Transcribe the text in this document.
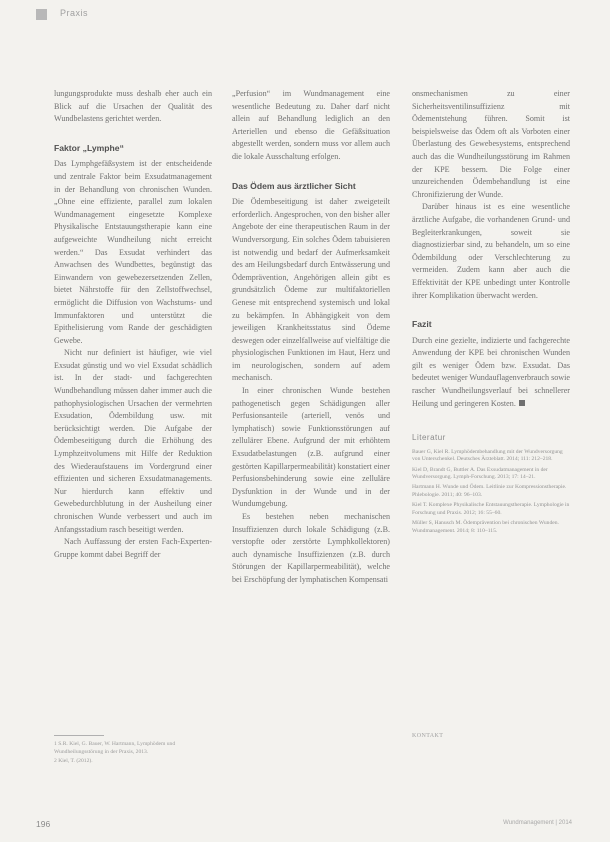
Praxis

lungungsprodukte muss deshalb eher auch ein Blick auf die Ursachen der Qualität des Wundbelastens gerichtet werden.

Faktor „Lymphe“

Das Lymphgefäßsystem ist der entscheidende und zentrale Faktor beim Exsudatmanagement in der Behandlung von chronischen Wunden. „Ohne eine effiziente, parallel zum lokalen Wundmanagement eingesetzte Komplexe Physikalische Entstauungstherapie kann eine aufgeweichte Wundheilung nicht erreicht werden.“ Das Exsudat verhindert das Anwachsen des Wundbettes, begünstigt das Einwandern von gewebezersetzenden Zellen, bietet Nährstoffe für den Zellstoffwechsel, ermöglicht die Diffusion von Wachstums- und Immunfaktoren und unterstützt die Epithelisierung vom Rande der geschädigten Gewebe.

Nicht nur definiert ist häufiger, wie viel Exsudat günstig und wo viel Exsudat schädlich ist. In der stadt- und fachgerechten Wundbehandlung müssen daher immer auch die pathophysiologischen Ursachen der vermehrten Exsudation, Ödembildung usw. mit berücksichtigt werden. Die Aufgabe der Ödembeseitigung durch die Erhöhung des Lymphzeitvolumens mit Hilfe der Reduktion des Wiederaufstauens im Vordergrund einer effizienten und sicheren Exsudatmanagements. Nur hierdurch kann effektiv und Gewebedurchblutung in der Ausheilung einer chronischen Wunde verbessert und auch im Anfangsstadium rasch beseitigt werden.

Nach Auffassung der ersten Fach-Experten-Gruppe kommt dabei Begriff der

„Perfusion“ im Wundmanagement eine wesentliche Bedeutung zu. Daher darf nicht allein auf Behandlung lediglich an den Arteriellen und ebenso die Gefäßsituation abgestellt werden, sondern muss vor allem auch die lokale Ausschaltung erfolgen.

Das Ödem aus ärztlicher Sicht

Die Ödembeseitigung ist daher zweigeteilt erforderlich. Angesprochen, von den bisher aller Angebote der eine therapeutischen Raum in der Wundversorgung. Ein solches Ödem tabuisieren ist notwendig und bedarf der Aufmerksamkeit des am Heilungsbedarf durch Entwässerung und Ödemprävention, Angehörigen allein gibt es grundsätzlich Ödeme zur multifaktoriellen Genese mit entsprechend systemisch und lokal zu bekämpfen. In Abhängigkeit von dem jeweiligen Krankheitsstatus sind Ödeme deswegen oder einzelfallweise auf vielfältige die physiologischen Funktionen im Haut, Herz und im neurologischen, sondern auf adem mechanisch.

In einer chronischen Wunde bestehen pathogenetisch gegen Schädigungen aller Perfusionsanteile (arteriell, venös und lymphatisch) sowie Funktionsstörungen auf zellulärer Ebene. Aufgrund der mit erhöhtem Exsudatbelastungen (z.B. aufgrund einer gestörten Kapillarpermeabilität) konstatiert einer Perfusionsbehinderung sowie eine zelluläre Dysfunktion in der Wunde und in der Wundumgebung.

Es bestehen neben mechanischen Insuffizienzen durch lokale Schädigung (z.B. verstopfte oder zerstörte Lymphkollektoren) auch dynamische Insuffizienzen (z.B. durch Störungen der Kapillarpermeabilität), welche bei Erschöpfung der lymphatischen Kompensati

onsmechanismen zu einer Sicherheitsventilinsuffizienz mit Ödementstehung führen. Somit ist beispielsweise das Ödem oft als Vorboten einer Überlastung des Gewebesystems, entsprechend auch das die Wundheilungsstörung im Rahmen der KPE bessern. Die Folge einer unzureichenden Ödembehandlung ist eine Chronifizierung der Wunde.

Darüber hinaus ist es eine wesentliche ärztliche Aufgabe, die vorhandenen Grund- und Begleiterkrankungen, soweit sie diagnostizierbar sind, zu behandeln, um so eine Ödembildung oder Verschlechterung zu vermeiden. Zudem kann aber auch die Effektivität der KPE unbedingt unter Kontrolle ihrer Komplikation überwacht werden.

Fazit

Durch eine gezielte, indizierte und fachgerechte Anwendung der KPE bei chronischen Wunden gilt es weniger Ödem bzw. Exsudat. Das bedeutet weniger Wundauflagenverbrauch sowie rascher Wundheilungsverlauf bei schnellerer Heilung und geringeren Kosten.

Literatur
Bauer G, Kiel R. Lymphödembehandlung mit der Wundversorgung von Unterschenkel. Deutsches Ärzteblatt. 2014; 111: 212–218.
Kiel D, Brandt G, Buttler A. Das Exsudatmanagement in der Wundversorgung. Lymph-Forschung. 2013; 17: 14–21.
Hartmann H. Wunde und Ödem. Leitlinie zur Kompressionstherapie. Phlebologie. 2011; 40: 96–103.
Kiel T. Komplexe Physikalische Entstauungstherapie. Lymphologie in Forschung und Praxis. 2012; 16: 55–60.
Müller S, Hanusch M. Ödemprävention bei chronischen Wunden. Wundmanagement. 2014; 8: 110–115.
1 S.R. Kiel, G. Bauer, W. Hartmann, Lymphödem und Wundheilungsstörung in der Praxis, 2013.
2 Kiel, T. (2012).
KONTAKT
196	Wundmanagement | 2014
